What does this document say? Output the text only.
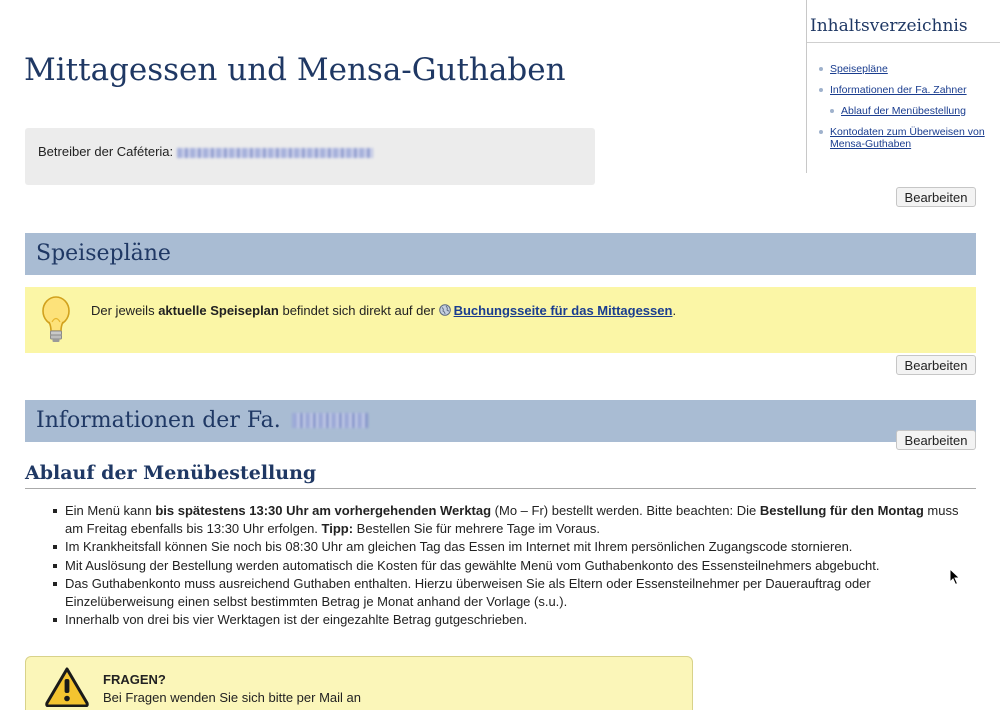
Mittagessen und Mensa-Guthaben
Betreiber der Caféteria:
Inhaltsverzeichnis
Speisepläne
Informationen der Fa. Zahner
Ablauf der Menübestellung
Kontodaten zum Überweisen von Mensa-Guthaben
Bearbeiten
Speisepläne
Der jeweils aktuelle Speiseplan befindet sich direkt auf der Buchungsseite für das Mittagessen.
Bearbeiten
Informationen der Fa.
Bearbeiten
Ablauf der Menübestellung
Ein Menü kann bis spätestens 13:30 Uhr am vorhergehenden Werktag (Mo – Fr) bestellt werden. Bitte beachten: Die Bestellung für den Montag muss am Freitag ebenfalls bis 13:30 Uhr erfolgen. Tipp: Bestellen Sie für mehrere Tage im Voraus.
Im Krankheitsfall können Sie noch bis 08:30 Uhr am gleichen Tag das Essen im Internet mit Ihrem persönlichen Zugangscode stornieren.
Mit Auslösung der Bestellung werden automatisch die Kosten für das gewählte Menü vom Guthabenkonto des Essensteilnehmers abgebucht.
Das Guthabenkonto muss ausreichend Guthaben enthalten. Hierzu überweisen Sie als Eltern oder Essensteilnehmer per Dauerauftrag oder Einzelüberweisung einen selbst bestimmten Betrag je Monat anhand der Vorlage (s.u.).
Innerhalb von drei bis vier Werktagen ist der eingezahlte Betrag gutgeschrieben.
FRAGEN?
Bei Fragen wenden Sie sich bitte per Mail an
